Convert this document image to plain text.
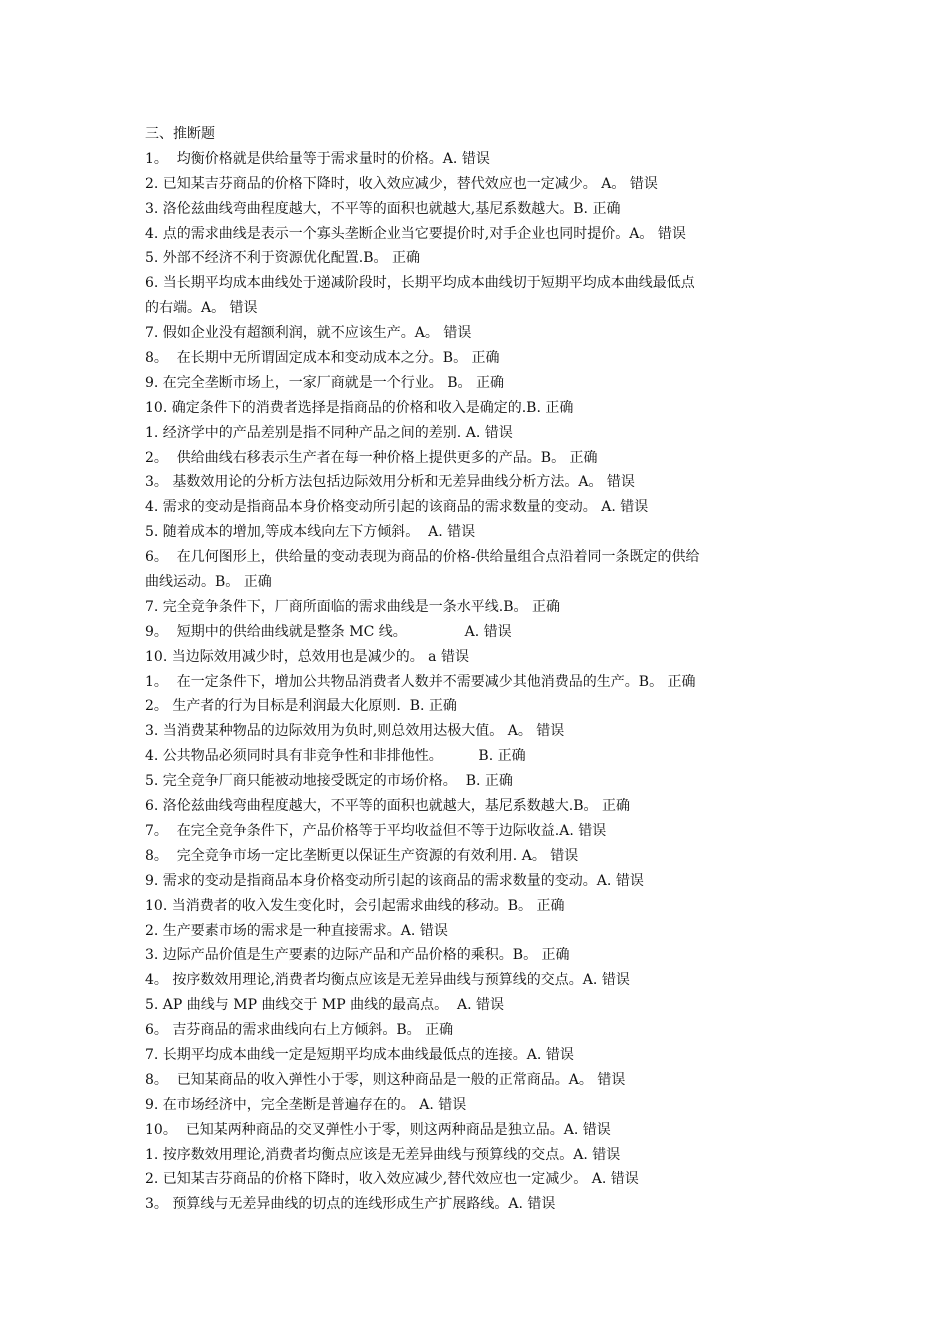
三、推断题
1。  均衡价格就是供给量等于需求量时的价格。A. 错误
2. 已知某吉芬商品的价格下降时，收入效应减少，替代效应也一定减少。 A。 错误
3. 洛伦兹曲线弯曲程度越大，不平等的面积也就越大,基尼系数越大。B. 正确
4. 点的需求曲线是表示一个寡头垄断企业当它要提价时,对手企业也同时提价。A。 错误
5. 外部不经济不利于资源优化配置.B。 正确
6. 当长期平均成本曲线处于递减阶段时，长期平均成本曲线切于短期平均成本曲线最低点
的右端。A。 错误
7. 假如企业没有超额利润，就不应该生产。A。 错误
8。  在长期中无所谓固定成本和变动成本之分。B。 正确
9. 在完全垄断市场上，一家厂商就是一个行业。 B。 正确
10. 确定条件下的消费者选择是指商品的价格和收入是确定的.B. 正确
1. 经济学中的产品差别是指不同种产品之间的差别. A. 错误
2。  供给曲线右移表示生产者在每一种价格上提供更多的产品。B。 正确
3。 基数效用论的分析方法包括边际效用分析和无差异曲线分析方法。A。 错误
4. 需求的变动是指商品本身价格变动所引起的该商品的需求数量的变动。 A. 错误
5. 随着成本的增加,等成本线向左下方倾斜。  A. 错误
6。  在几何图形上，供给量的变动表现为商品的价格-供给量组合点沿着同一条既定的供给
曲线运动。B。 正确
7. 完全竞争条件下，厂商所面临的需求曲线是一条水平线.B。 正确
9。  短期中的供给曲线就是整条 MC 线。             A. 错误
10. 当边际效用减少时，总效用也是减少的。 a 错误
1。  在一定条件下，增加公共物品消费者人数并不需要减少其他消费品的生产。B。 正确
2。 生产者的行为目标是利润最大化原则.  B. 正确
3. 当消费某种物品的边际效用为负时,则总效用达极大值。 A。 错误
4. 公共物品必须同时具有非竞争性和非排他性。        B. 正确
5. 完全竞争厂商只能被动地接受既定的市场价格。  B. 正确
6. 洛伦兹曲线弯曲程度越大，不平等的面积也就越大，基尼系数越大.B。 正确
7。  在完全竞争条件下，产品价格等于平均收益但不等于边际收益.A. 错误
8。  完全竞争市场一定比垄断更以保证生产资源的有效利用. A。 错误
9. 需求的变动是指商品本身价格变动所引起的该商品的需求数量的变动。A. 错误
10. 当消费者的收入发生变化时，会引起需求曲线的移动。B。 正确
2. 生产要素市场的需求是一种直接需求。A. 错误
3. 边际产品价值是生产要素的边际产品和产品价格的乘积。B。 正确
4。 按序数效用理论,消费者均衡点应该是无差异曲线与预算线的交点。A. 错误
5. AP 曲线与 MP 曲线交于 MP 曲线的最高点。  A. 错误
6。 吉芬商品的需求曲线向右上方倾斜。B。 正确
7. 长期平均成本曲线一定是短期平均成本曲线最低点的连接。A. 错误
8。  已知某商品的收入弹性小于零，则这种商品是一般的正常商品。A。 错误
9. 在市场经济中，完全垄断是普遍存在的。 A. 错误
10。  已知某两种商品的交叉弹性小于零，则这两种商品是独立品。A. 错误
1. 按序数效用理论,消费者均衡点应该是无差异曲线与预算线的交点。A. 错误
2. 已知某吉芬商品的价格下降时，收入效应减少,替代效应也一定减少。 A. 错误
3。 预算线与无差异曲线的切点的连线形成生产扩展路线。A. 错误
